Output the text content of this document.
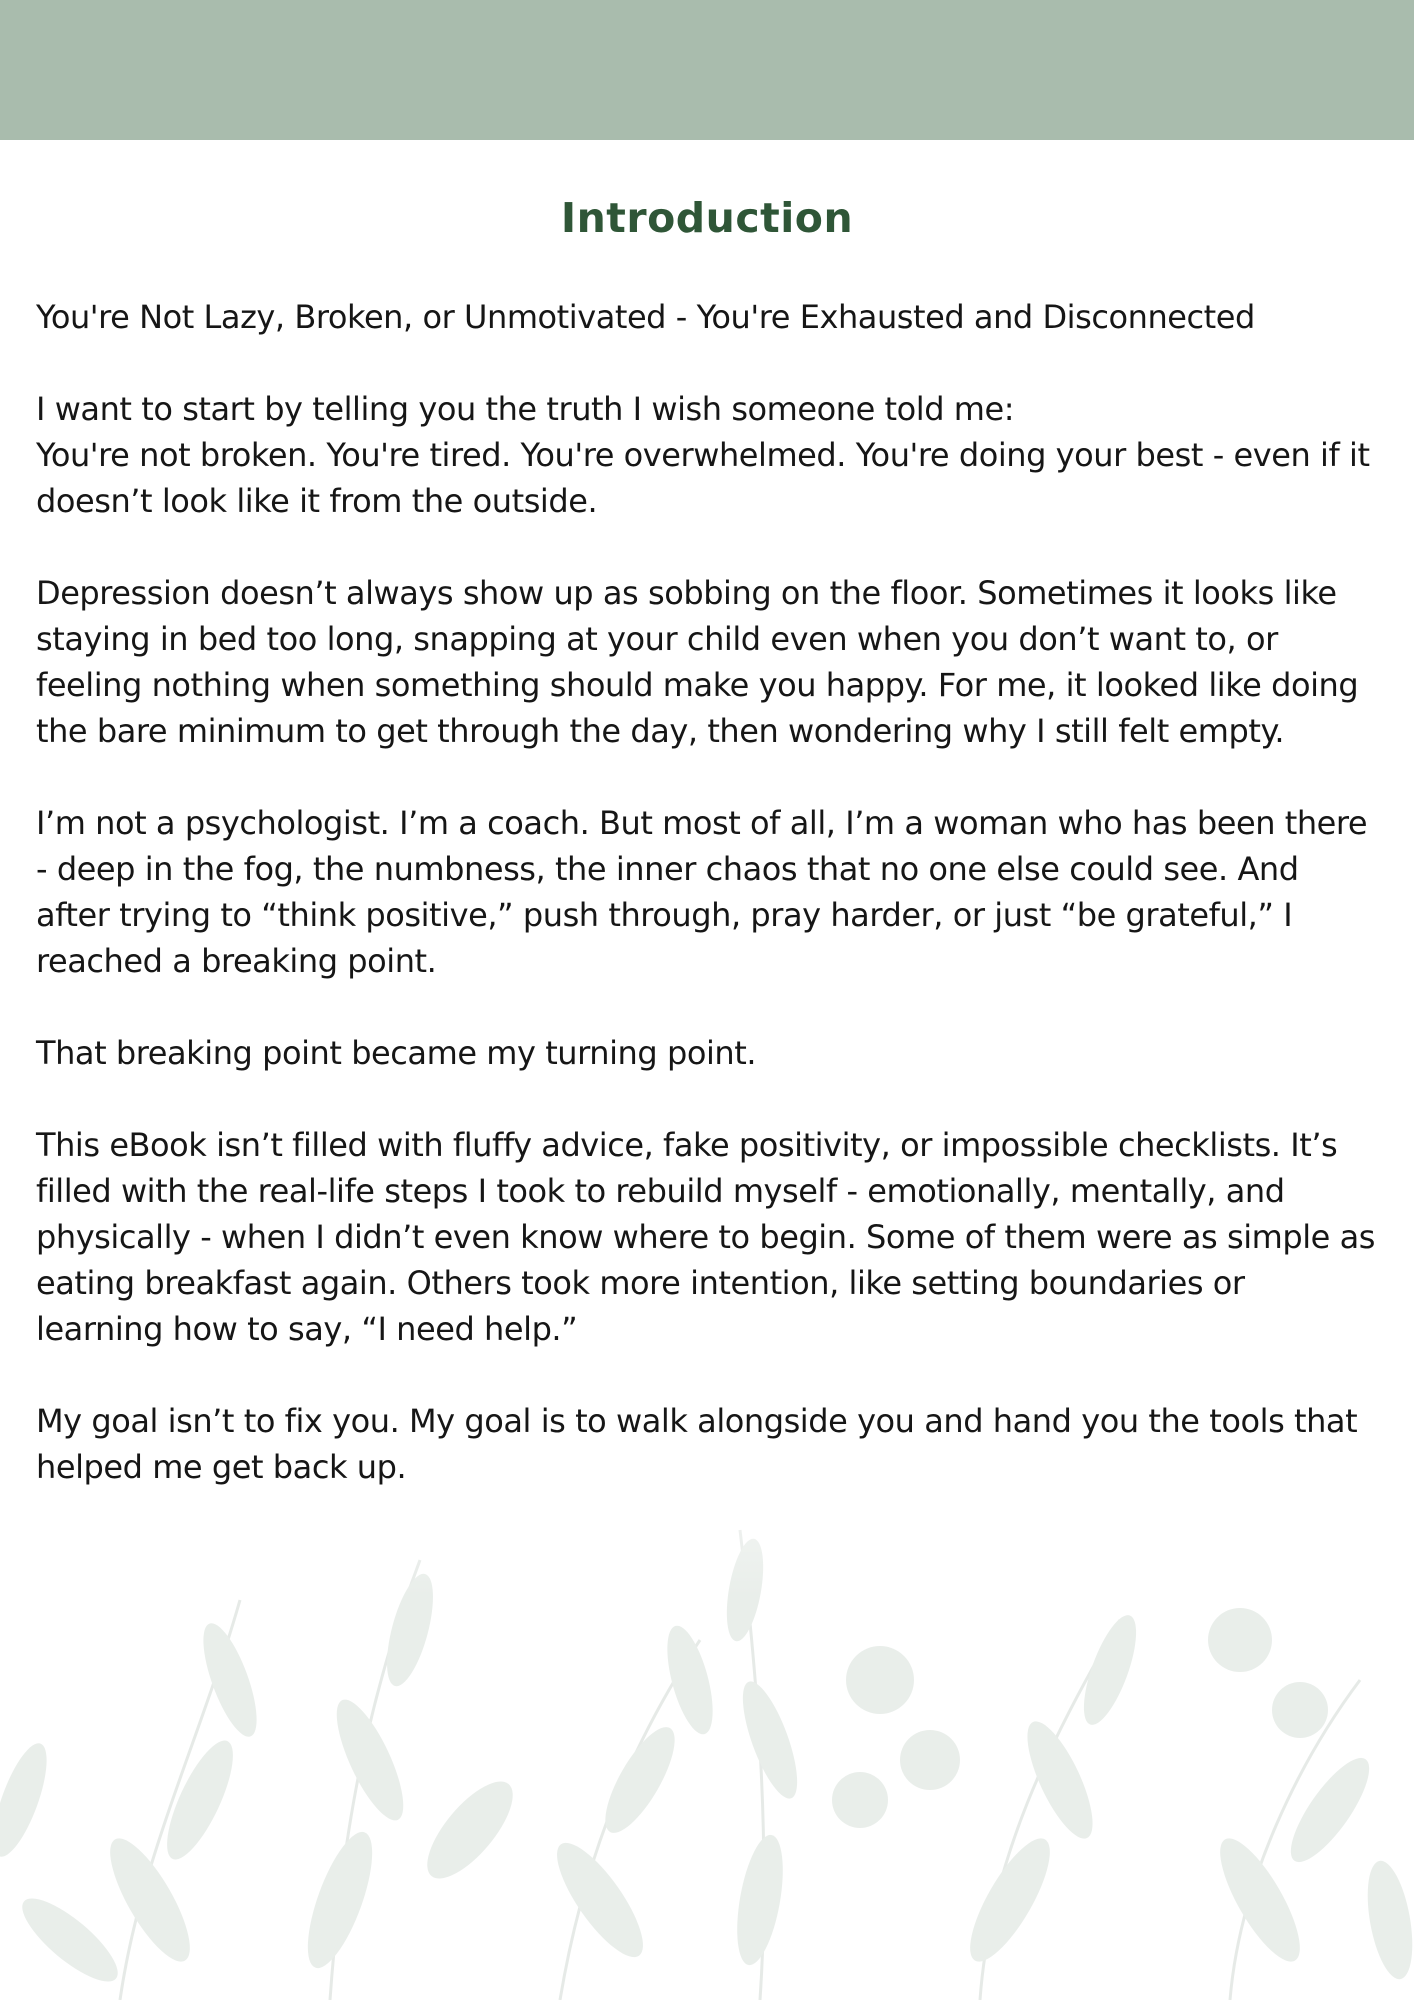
Introduction

You're Not Lazy, Broken, or Unmotivated - You're Exhausted and Disconnected

I want to start by telling you the truth I wish someone told me:
You're not broken. You're tired. You're overwhelmed. You're doing your best - even if it doesn’t look like it from the outside.

Depression doesn’t always show up as sobbing on the floor. Sometimes it looks like staying in bed too long, snapping at your child even when you don’t want to, or feeling nothing when something should make you happy. For me, it looked like doing the bare minimum to get through the day, then wondering why I still felt empty.

I’m not a psychologist. I’m a coach. But most of all, I’m a woman who has been there - deep in the fog, the numbness, the inner chaos that no one else could see. And after trying to “think positive,” push through, pray harder, or just “be grateful,” I reached a breaking point.

That breaking point became my turning point.

This eBook isn’t filled with fluffy advice, fake positivity, or impossible checklists. It’s filled with the real-life steps I took to rebuild myself - emotionally, mentally, and physically - when I didn’t even know where to begin. Some of them were as simple as eating breakfast again. Others took more intention, like setting boundaries or learning how to say, “I need help.”

My goal isn’t to fix you. My goal is to walk alongside you and hand you the tools that helped me get back up.
